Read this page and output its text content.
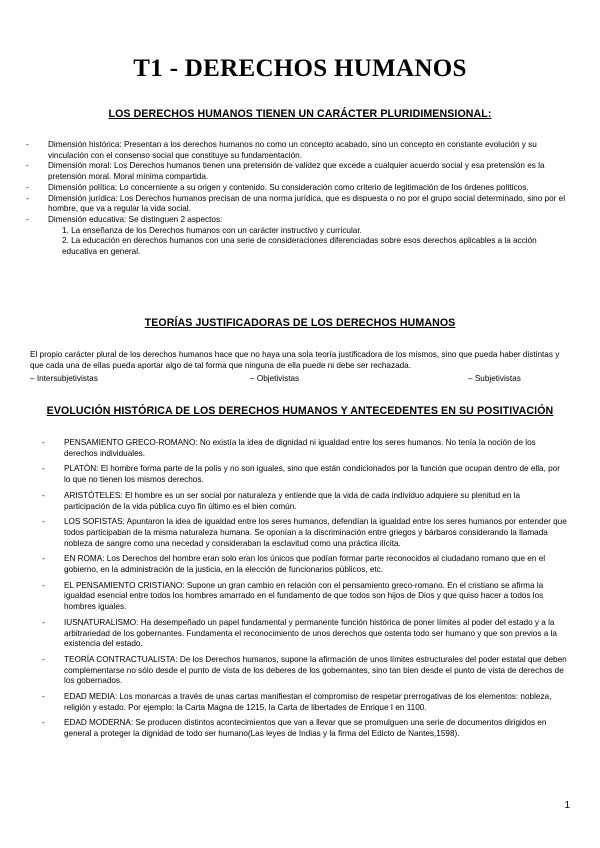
T1 - DERECHOS HUMANOS
LOS DERECHOS HUMANOS TIENEN UN CARÁCTER PLURIDIMENSIONAL:
- Dimensión histórica: Presentan a los derechos humanos no como un concepto acabado, sino un concepto en constante evolución y su vinculación con el consenso social que constituye su fundamentación.
- Dimensión moral: Los Derechos humanos tienen una pretensión de validez que excede a cualquier acuerdo social y esa pretensión es la pretensión moral. Moral mínima compartida.
- Dimensión política: Lo concerniente a su origen y contenido. Su consideración como criterio de legitimación de los órdenes políticos.
- Dimensión jurídica: Los Derechos humanos precisan de una norma jurídica, que es dispuesta o no por el grupo social determinado, sino por el hombre, que va a regular la vida social.
- Dimensión educativa: Se distinguen 2 aspectos:
1. La enseñanza de los Derechos humanos con un carácter instructivo y curricular.
2. La educación en derechos humanos con una serie de consideraciones diferenciadas sobre esos derechos aplicables a la acción educativa en general.
TEORÍAS JUSTIFICADORAS DE LOS DERECHOS HUMANOS

El propio carácter plural de los derechos humanos hace que no haya una sola teoría justificadora de los mismos, sino que pueda haber distintas y que cada una de ellas pueda aportar algo de tal forma que ninguna de ella puede ni debe ser rechazada.

– Intersubjetivistas	– Objetivistas	– Subjetivistas
EVOLUCIÓN HISTÓRICA DE LOS DERECHOS HUMANOS Y ANTECEDENTES EN SU POSITIVACIÓN
- PENSAMIENTO GRECO-ROMANO: No existía la idea de dignidad ni igualdad entre los seres humanos. No tenía la noción de los derechos individuales.
- PLATÓN: El hombre forma parte de la polis y no son iguales, sino que están condicionados por la función que ocupan dentro de ella, por lo que no tienen los mismos derechos.
- ARISTÓTELES: El hombre es un ser social por naturaleza y entiende que la vida de cada individuo adquiere su plenitud en la participación de la vida pública cuyo fin último es el bien común.
- LOS SOFISTAS: Apuntaron la idea de igualdad entre los seres humanos, defendían la igualdad entre los seres humanos por entender que todos participaban de la misma naturaleza humana. Se oponían a la discriminación entre griegos y bárbaros considerando la llamada nobleza de sangre como una necedad y consideraban la esclavitud como una práctica ilícita.
- EN ROMA: Los Derechos del hombre eran solo eran los únicos que podían formar parte reconocidos al ciudadano romano que en el gobierno, en la administración de la justicia, en la elección de funcionarios públicos, etc.
- EL PENSAMIENTO CRISTIANO: Supone un gran cambio en relación con el pensamiento greco-romano. En el cristiano se afirma la igualdad esencial entre todos los hombres amarrado en el fundamento de que todos son hijos de Dios y que quiso hacer a todos los hombres iguales.
- IUSNATURALISMO: Ha desempeñado un papel fundamental y permanente función histórica de poner límites al poder del estado y a la arbitrariedad de los gobernantes. Fundamenta el reconocimiento de unos derechos que ostenta todo ser humano y que son previos a la existencia del estado.
- TEORÍA CONTRACTUALISTA: De los Derechos humanos, supone la afirmación de unos límites estructurales del poder estatal que deben complementarse no sólo desde el punto de vista de los deberes de los gobernantes, sino tan bien desde el punto de vista de derechos de los gobernados.
- EDAD MEDIA: Los monarcas a través de unas cartas manifiestan el compromiso de respetar prerrogativas de los elementos: nobleza, religión y estado. Por ejemplo: la Carta Magna de 1215, la Carta de libertades de Enrique I en 1100.
- EDAD MODERNA: Se producen distintos acontecimientos que van a llevar que se promulguen una serie de documentos dirigidos en general a proteger la dignidad de todo ser humano(Las leyes de Indias y la firma del Edicto de Nantes,1598).
1
